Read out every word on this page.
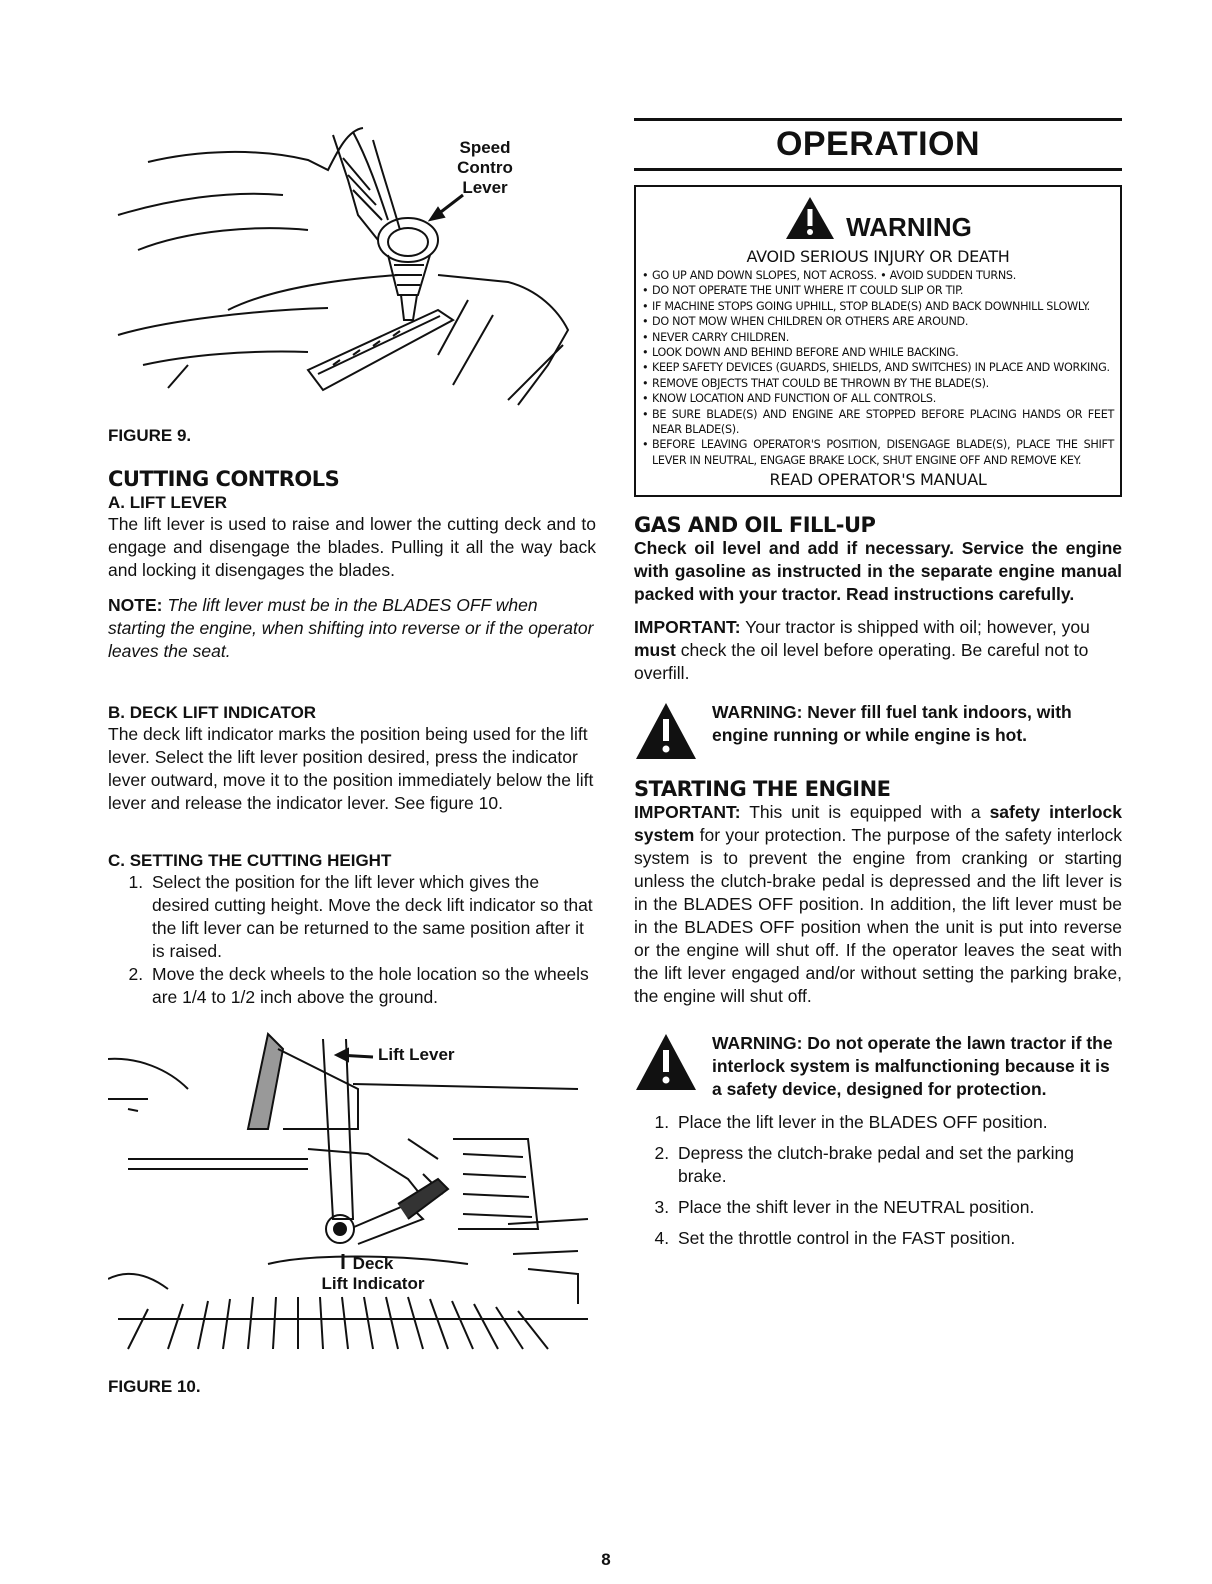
Speed
Contro
Lever

FIGURE 9.

CUTTING CONTROLS
A. LIFT LEVER

The lift lever is used to raise and lower the cutting deck and to engage and disengage the blades. Pulling it all the way back and locking it disengages the blades.

NOTE: The lift lever must be in the BLADES OFF when starting the engine, when shifting into reverse or if the operator leaves the seat.

B. DECK LIFT INDICATOR

The deck lift indicator marks the position being used for the lift lever. Select the lift lever position desired, press the indicator lever outward, move it to the position immediately below the lift lever and release the indicator lever. See figure 10.

C. SETTING THE CUTTING HEIGHT
1. Select the position for the lift lever which gives the desired cutting height. Move the deck lift indicator so that the lift lever can be returned to the same position after it is raised.
2. Move the deck wheels to the hole location so the wheels are 1/4 to 1/2 inch above the ground.
Lift Lever
Deck
Lift Indicator

FIGURE 10.

OPERATION
WARNING
AVOID SERIOUS INJURY OR DEATH
• GO UP AND DOWN SLOPES, NOT ACROSS. • AVOID SUDDEN TURNS.
• DO NOT OPERATE THE UNIT WHERE IT COULD SLIP OR TIP.
• IF MACHINE STOPS GOING UPHILL, STOP BLADE(S) AND BACK DOWNHILL SLOWLY.
• DO NOT MOW WHEN CHILDREN OR OTHERS ARE AROUND.
• NEVER CARRY CHILDREN.
• LOOK DOWN AND BEHIND BEFORE AND WHILE BACKING.
• KEEP SAFETY DEVICES (GUARDS, SHIELDS, AND SWITCHES) IN PLACE AND WORKING.
• REMOVE OBJECTS THAT COULD BE THROWN BY THE BLADE(S).
• KNOW LOCATION AND FUNCTION OF ALL CONTROLS.
• BE SURE BLADE(S) AND ENGINE ARE STOPPED BEFORE PLACING HANDS OR FEET NEAR BLADE(S).
• BEFORE LEAVING OPERATOR'S POSITION, DISENGAGE BLADE(S), PLACE THE SHIFT LEVER IN NEUTRAL, ENGAGE BRAKE LOCK, SHUT ENGINE OFF AND REMOVE KEY.
READ OPERATOR'S MANUAL
GAS AND OIL FILL-UP

Check oil level and add if necessary. Service the engine with gasoline as instructed in the separate engine manual packed with your tractor. Read instructions carefully.

IMPORTANT: Your tractor is shipped with oil; however, you must check the oil level before operating. Be careful not to overfill.

WARNING: Never fill fuel tank indoors, with engine running or while engine is hot.

STARTING THE ENGINE

IMPORTANT: This unit is equipped with a safety interlock system for your protection. The purpose of the safety interlock system is to prevent the engine from cranking or starting unless the clutch-brake pedal is depressed and the lift lever is in the BLADES OFF position. In addition, the lift lever must be in the BLADES OFF position when the unit is put into reverse or the engine will shut off. If the operator leaves the seat with the lift lever engaged and/or without setting the parking brake, the engine will shut off.

WARNING: Do not operate the lawn tractor if the interlock system is malfunctioning because it is a safety device, designed for protection.

1. Place the lift lever in the BLADES OFF position.
2. Depress the clutch-brake pedal and set the parking brake.
3. Place the shift lever in the NEUTRAL position.
4. Set the throttle control in the FAST position.
8
